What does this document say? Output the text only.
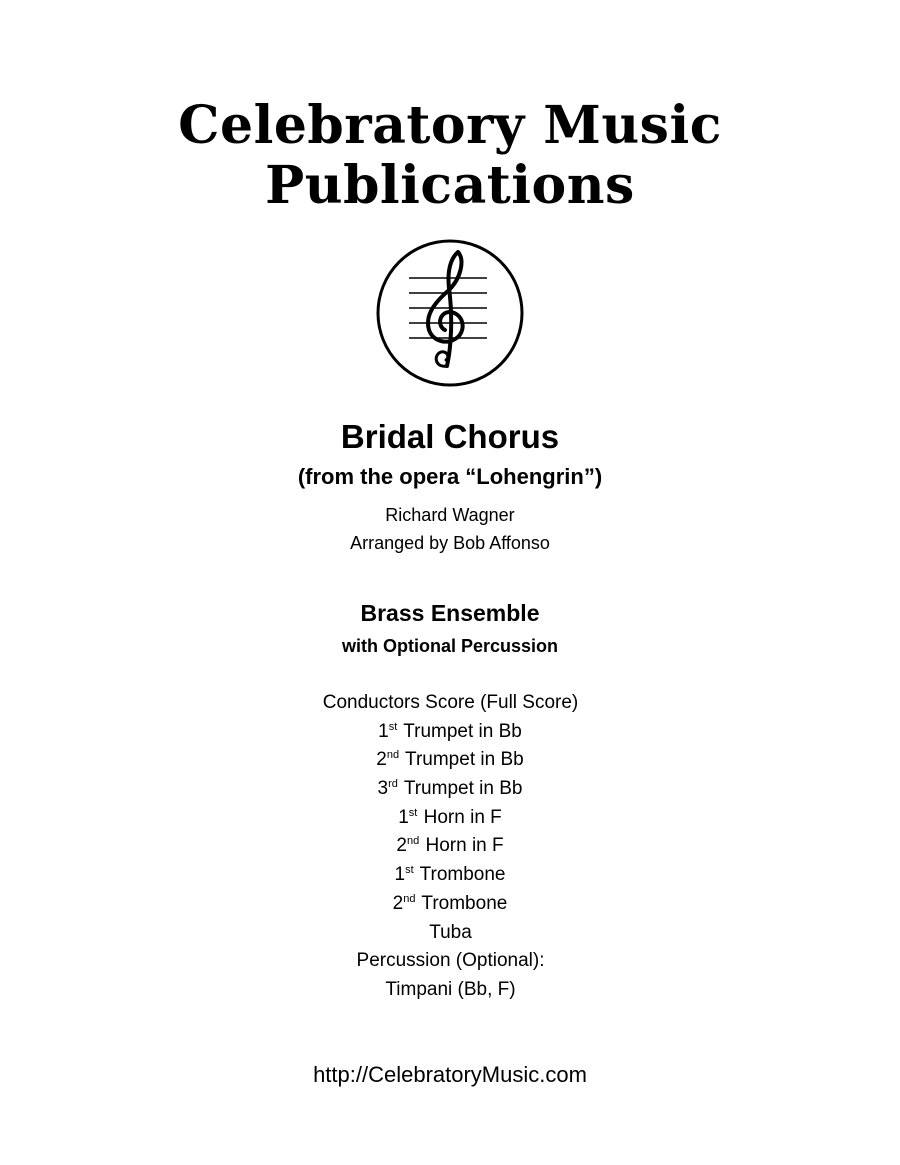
Celebratory Music
Publications
Bridal Chorus
(from the opera “Lohengrin”)
Richard Wagner
Arranged by Bob Affonso
Brass Ensemble
with Optional Percussion
Conductors Score (Full Score)
1st Trumpet in Bb
2nd Trumpet in Bb
3rd Trumpet in Bb
1st Horn in F
2nd Horn in F
1st Trombone
2nd Trombone
Tuba
Percussion (Optional):
Timpani (Bb, F)
http://CelebratoryMusic.com
